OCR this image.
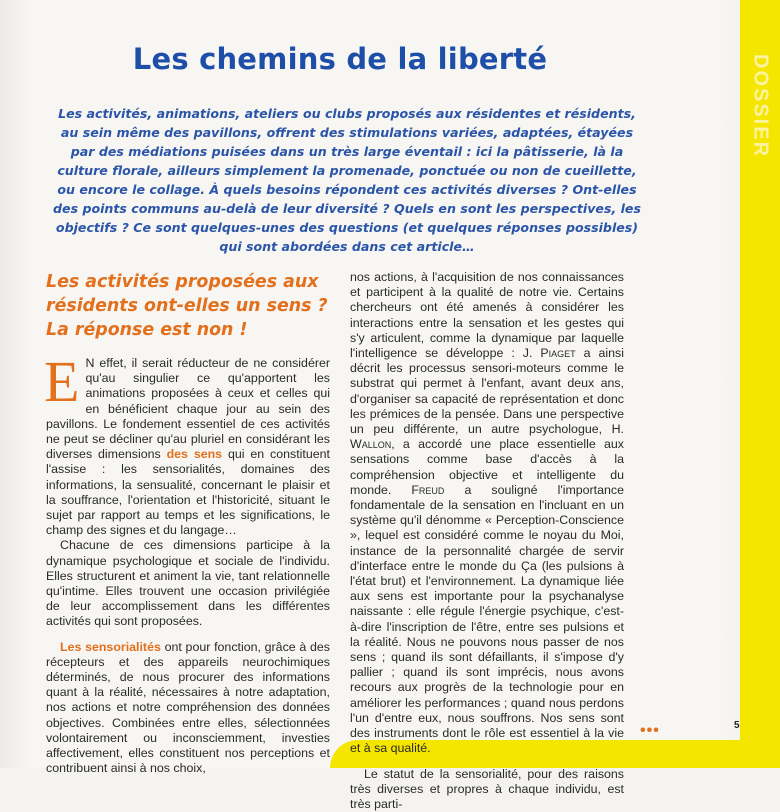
DOSSIER
Les chemins de la liberté
Les activités, animations, ateliers ou clubs proposés aux résidentes et résidents, au sein même des pavillons, offrent des stimulations variées, adaptées, étayées par des médiations puisées dans un très large éventail : ici la pâtisserie, là la culture florale, ailleurs simplement la promenade, ponctuée ou non de cueillette, ou encore le collage. À quels besoins répondent ces activités diverses ? Ont-elles des points communs au-delà de leur diversité ? Quels en sont les perspectives, les objectifs ? Ce sont quelques-unes des questions (et quelques réponses possibles) qui sont abordées dans cet article…
Les activités proposées aux résidents ont-elles un sens ? La réponse est non !

E N effet, il serait réducteur de ne considérer qu'au singulier ce qu'apportent les animations proposées à ceux et celles qui en bénéficient chaque jour au sein des pavillons. Le fondement essentiel de ces activités ne peut se décliner qu'au pluriel en considérant les diverses dimensions des sens qui en constituent l'assise : les sensorialités, domaines des informations, la sensualité, concernant le plaisir et la souffrance, l'orientation et l'historicité, situant le sujet par rapport au temps et les significations, le champ des signes et du langage…

Chacune de ces dimensions participe à la dynamique psychologique et sociale de l'individu. Elles structurent et animent la vie, tant relationnelle qu'intime. Elles trouvent une occasion privilégiée de leur accomplissement dans les différentes activités qui sont proposées.

Les sensorialités ont pour fonction, grâce à des récepteurs et des appareils neurochimiques déterminés, de nous procurer des informations quant à la réalité, nécessaires à notre adaptation, nos actions et notre compréhension des données objectives. Combinées entre elles, sélectionnées volontairement ou inconsciemment, investies affectivement, elles constituent nos perceptions et contribuent ainsi à nos choix,

nos actions, à l'acquisition de nos connaissances et participent à la qualité de notre vie. Certains chercheurs ont été amenés à considérer les interactions entre la sensation et les gestes qui s'y articulent, comme la dynamique par laquelle l'intelligence se développe : J. Piaget a ainsi décrit les processus sensori-moteurs comme le substrat qui permet à l'enfant, avant deux ans, d'organiser sa capacité de représentation et donc les prémices de la pensée. Dans une perspective un peu différente, un autre psychologue, H. Wallon, a accordé une place essentielle aux sensations comme base d'accès à la compréhension objective et intelligente du monde. Freud a souligné l'importance fondamentale de la sensation en l'incluant en un système qu'il dénomme « Perception-Conscience », lequel est considéré comme le noyau du Moi, instance de la personnalité chargée de servir d'interface entre le monde du Ça (les pulsions à l'état brut) et l'environnement. La dynamique liée aux sens est importante pour la psychanalyse naissante : elle régule l'énergie psychique, c'est-à-dire l'inscription de l'être, entre ses pulsions et la réalité. Nous ne pouvons nous passer de nos sens ; quand ils sont défaillants, il s'impose d'y pallier ; quand ils sont imprécis, nous avons recours aux progrès de la technologie pour en améliorer les performances ; quand nous perdons l'un d'entre eux, nous souffrons. Nos sens sont des instruments dont le rôle est essentiel à la vie et à sa qualité.

Le statut de la sensorialité, pour des raisons très diverses et propres à chaque individu, est très parti-

•••	5
